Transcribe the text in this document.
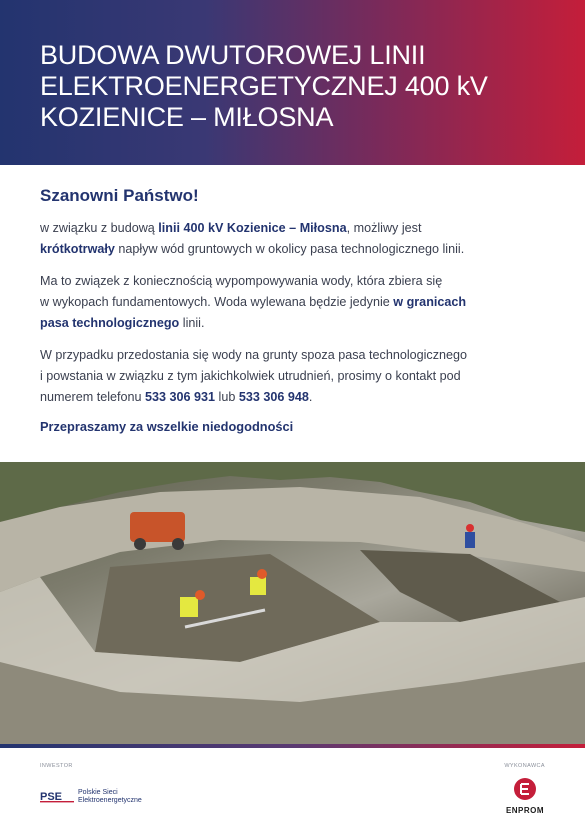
BUDOWA DWUTOROWEJ LINII
ELEKTROENERGETYCZNEJ 400 kV
KOZIENICE – MIŁOSNA
Szanowni Państwo!

w związku z budową linii 400 kV Kozienice – Miłosna, możliwy jest
krótkotrwały napływ wód gruntowych w okolicy pasa technologicznego linii.

Ma to związek z koniecznością wypompowywania wody, która zbiera się
w wykopach fundamentowych. Woda wylewana będzie jedynie w granicach
pasa technologicznego linii.

W przypadku przedostania się wody na grunty spoza pasa technologicznego
i powstania w związku z tym jakichkolwiek utrudnień, prosimy o kontakt pod
numerem telefonu 533 306 931 lub 533 306 948.

Przepraszamy za wszelkie niedogodności
INWESTOR	WYKONAWCA
PSE Polskie Sieci
Elektroenergetyczne
ENPROM
